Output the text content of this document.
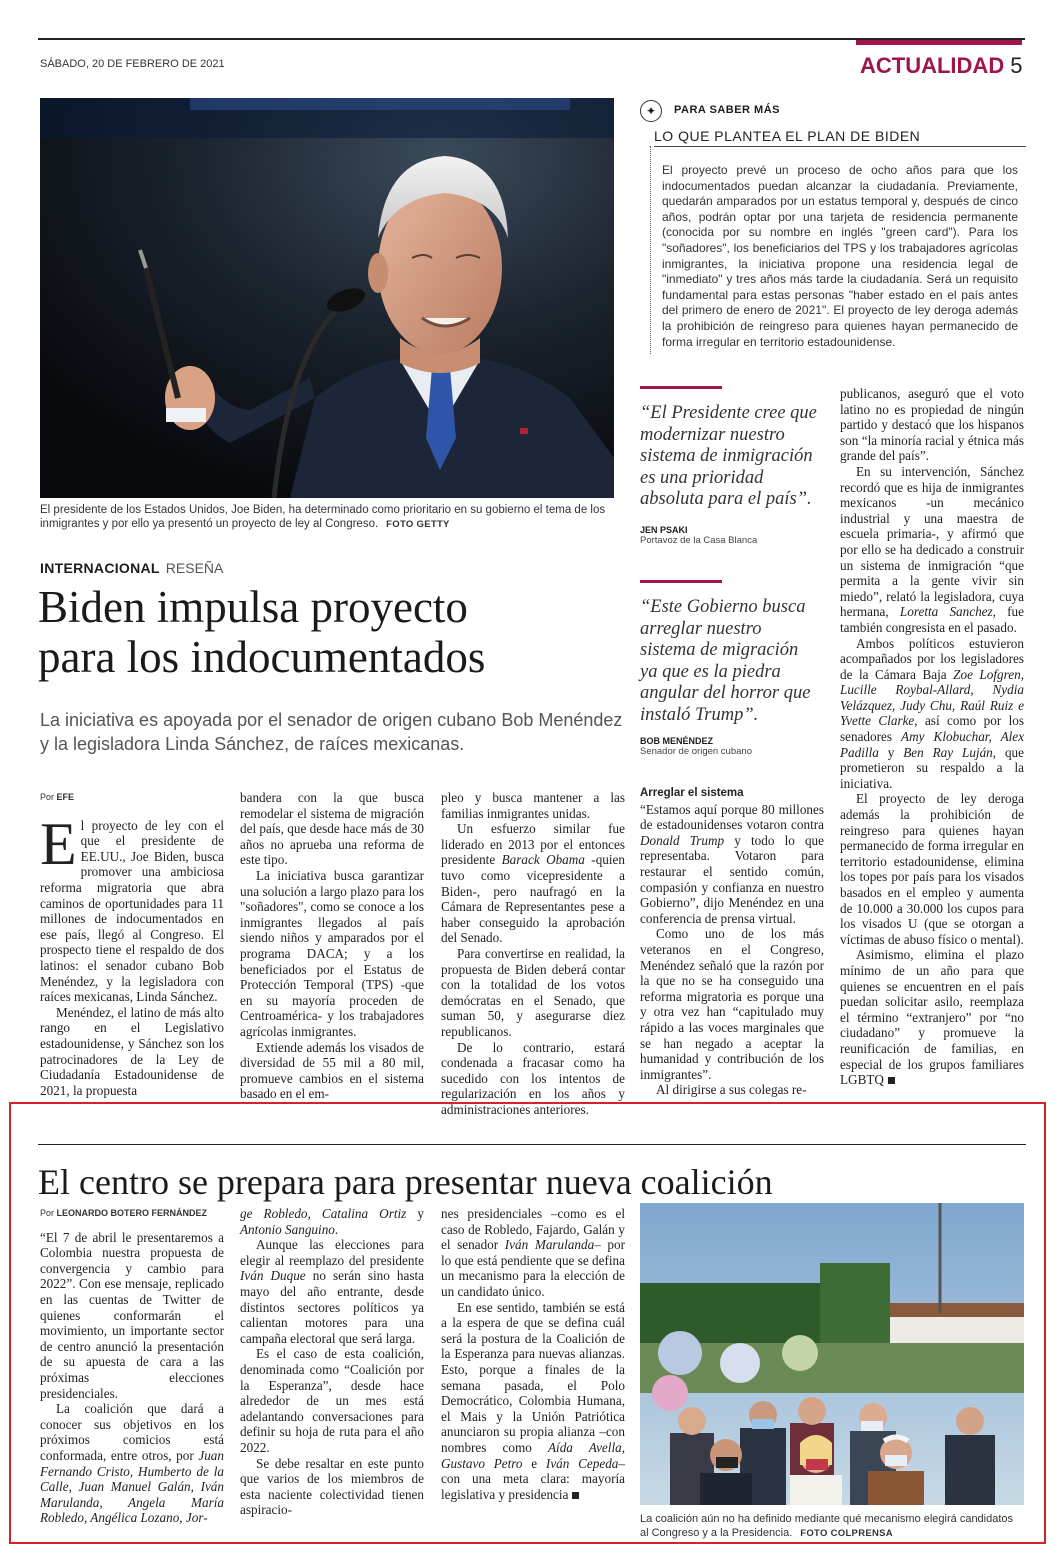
SÁBADO, 20 DE FEBRERO DE 2021	ACTUALIDAD 5
El presidente de los Estados Unidos, Joe Biden, ha determinado como prioritario en su gobierno el tema de los inmigrantes y por ello ya presentó un proyecto de ley al Congreso. FOTO GETTY
✦	PARA SABER MÁS
LO QUE PLANTEA EL PLAN DE BIDEN
El proyecto prevé un proceso de ocho años para que los indocumentados puedan alcanzar la ciudadanía. Previamente, quedarán amparados por un estatus temporal y, después de cinco años, podrán optar por una tarjeta de residencia permanente (conocida por su nombre en inglés "green card"). Para los "soñadores", los beneficiarios del TPS y los trabajadores agrícolas inmigrantes, la iniciativa propone una residencia legal de "inmediato" y tres años más tarde la ciudadanía. Será un requisito fundamental para estas personas "haber estado en el país antes del primero de enero de 2021". El proyecto de ley deroga además la prohibición de reingreso para quienes hayan permanecido de forma irregular en territorio estadounidense.
INTERNACIONAL RESEÑA
Biden impulsa proyecto
para los indocumentados
La iniciativa es apoyada por el senador de origen cubano Bob Menéndez y la legisladora Linda Sánchez, de raíces mexicanas.
Por EFE

El proyecto de ley con el que el presidente de EE.UU., Joe Biden, busca promover una ambiciosa reforma migratoria que abra caminos de oportunidades para 11 millones de indocumentados en ese país, llegó al Congreso. El prospecto tiene el respaldo de dos latinos: el senador cubano Bob Menéndez, y la legisladora con raíces mexicanas, Linda Sánchez.

Menéndez, el latino de más alto rango en el Legislativo estadounidense, y Sánchez son los patrocinadores de la Ley de Ciudadanía Estadounidense de 2021, la propuesta

bandera con la que busca remodelar el sistema de migración del país, que desde hace más de 30 años no aprueba una reforma de este tipo.

La iniciativa busca garantizar una solución a largo plazo para los "soñadores", como se conoce a los inmigrantes llegados al país siendo niños y amparados por el programa DACA; y a los beneficiados por el Estatus de Protección Temporal (TPS) -que en su mayoría proceden de Centroamérica- y los trabajadores agrícolas inmigrantes.

Extiende además los visados de diversidad de 55 mil a 80 mil, promueve cambios en el sistema basado en el em-

pleo y busca mantener a las familias inmigrantes unidas.

Un esfuerzo similar fue liderado en 2013 por el entonces presidente Barack Obama -quien tuvo como vicepresidente a Biden-, pero naufragó en la Cámara de Representantes pese a haber conseguido la aprobación del Senado.

Para convertirse en realidad, la propuesta de Biden deberá contar con la totalidad de los votos demócratas en el Senado, que suman 50, y asegurarse diez republicanos.

De lo contrario, estará condenada a fracasar como ha sucedido con los intentos de regularización en los años y administraciones anteriores.

“El Presidente cree que modernizar nuestro sistema de inmigración es una prioridad absoluta para el país”.
JEN PSAKI
Portavoz de la Casa Blanca
“Este Gobierno busca arreglar nuestro sistema de migración ya que es la piedra angular del horror que instaló Trump”.
BOB MENÉNDEZ
Senador de origen cubano
Arreglar el sistema

“Estamos aquí porque 80 millones de estadounidenses votaron contra Donald Trump y todo lo que representaba. Votaron para restaurar el sentido común, compasión y confianza en nuestro Gobierno”, dijo Menéndez en una conferencia de prensa virtual.

Como uno de los más veteranos en el Congreso, Menéndez señaló que la razón por la que no se ha conseguido una reforma migratoria es porque una y otra vez han “capitulado muy rápido a las voces marginales que se han negado a aceptar la humanidad y contribución de los inmigrantes”.

Al dirigirse a sus colegas re-

publicanos, aseguró que el voto latino no es propiedad de ningún partido y destacó que los hispanos son “la minoría racial y étnica más grande del país”.

En su intervención, Sánchez recordó que es hija de inmigrantes mexicanos -un mecánico industrial y una maestra de escuela primaria-, y afirmó que por ello se ha dedicado a construir un sistema de inmigración “que permita a la gente vivir sin miedo”, relató la legisladora, cuya hermana, Loretta Sanchez, fue también congresista en el pasado.

Ambos políticos estuvieron acompañados por los legisladores de la Cámara Baja Zoe Lofgren, Lucille Roybal-Allard, Nydia Velázquez, Judy Chu, Raúl Ruiz e Yvette Clarke, así como por los senadores Amy Klobuchar, Alex Padilla y Ben Ray Luján, que prometieron su respaldo a la iniciativa.

El proyecto de ley deroga además la prohibición de reingreso para quienes hayan permanecido de forma irregular en territorio estadounidense, elimina los topes por país para los visados basados en el empleo y aumenta de 10.000 a 30.000 los cupos para los visados U (que se otorgan a víctimas de abuso físico o mental).

Asimismo, elimina el plazo mínimo de un año para que quienes se encuentren en el país puedan solicitar asilo, reemplaza el término “extranjero” por “no ciudadano” y promueve la reunificación de familias, en especial de los grupos familiares LGBTQ

El centro se prepara para presentar nueva coalición
Por LEONARDO BOTERO FERNÁNDEZ

“El 7 de abril le presentaremos a Colombia nuestra propuesta de convergencia y cambio para 2022”. Con ese mensaje, replicado en las cuentas de Twitter de quienes conformarán el movimiento, un importante sector de centro anunció la presentación de su apuesta de cara a las próximas elecciones presidenciales.

La coalición que dará a conocer sus objetivos en los próximos comicios está conformada, entre otros, por Juan Fernando Cristo, Humberto de la Calle, Juan Manuel Galán, Iván Marulanda, Angela María Robledo, Angélica Lozano, Jor-

ge Robledo, Catalina Ortiz y Antonio Sanguino.

Aunque las elecciones para elegir al reemplazo del presidente Iván Duque no serán sino hasta mayo del año entrante, desde distintos sectores políticos ya calientan motores para una campaña electoral que será larga.

Es el caso de esta coalición, denominada como “Coalición por la Esperanza”, desde hace alrededor de un mes está adelantando conversaciones para definir su hoja de ruta para el año 2022.

Se debe resaltar en este punto que varios de los miembros de esta naciente colectividad tienen aspiracio-

nes presidenciales –como es el caso de Robledo, Fajardo, Galán y el senador Iván Marulanda– por lo que está pendiente que se defina un mecanismo para la elección de un candidato único.

En ese sentido, también se está a la espera de que se defina cuál será la postura de la Coalición de la Esperanza para nuevas alianzas. Esto, porque a finales de la semana pasada, el Polo Democrático, Colombia Humana, el Mais y la Unión Patriótica anunciaron su propia alianza –con nombres como Aída Avella, Gustavo Petro e Iván Cepeda– con una meta clara: mayoría legislativa y presidencia

La coalición aún no ha definido mediante qué mecanismo elegirá candidatos al Congreso y a la Presidencia. FOTO COLPRENSA
